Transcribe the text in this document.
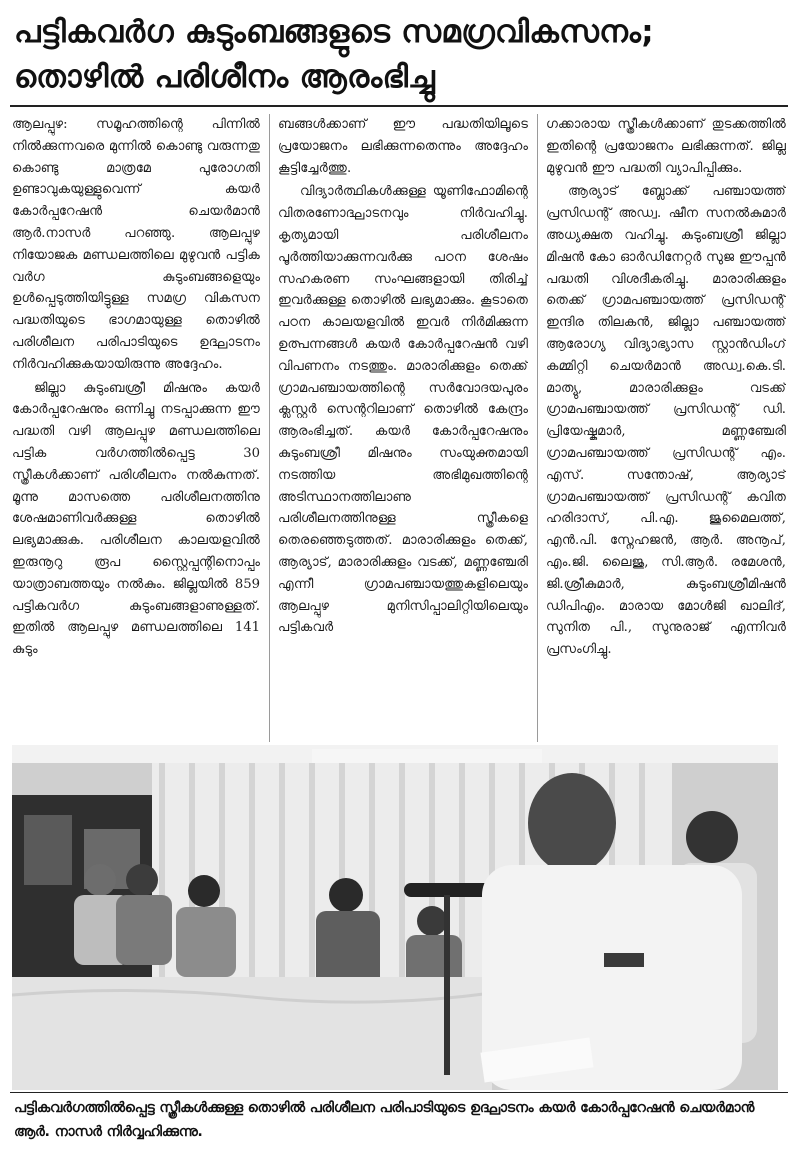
പട്ടികവർഗ കുടുംബങ്ങളുടെ സമഗ്രവികസനം;
തൊഴിൽ പരിശീനം ആരംഭിച്ചു

ആലപ്പുഴ: സമൂഹത്തിന്റെ പിന്നിൽ നിൽക്കുന്നവരെ മുന്നിൽ കൊണ്ടു വരുന്നതു കൊണ്ടു മാത്രമേ പുരോഗതി ഉണ്ടാവുകയുള്ളുവെന്ന് കയർ കോർപ്പറേഷൻ ചെയർമാൻ ആർ.നാസർ പറഞ്ഞു. ആലപ്പുഴ നിയോജക മണ്ഡലത്തിലെ മുഴുവൻ പട്ടിക വർഗ കുടുംബങ്ങളെയും ഉൾപ്പെടുത്തിയിട്ടുള്ള സമഗ്ര വികസന പദ്ധതിയുടെ ഭാഗമായുള്ള തൊഴിൽ പരിശീലന പരിപാടിയുടെ ഉദ്ഘാടനം നിർവഹിക്കുകയായിരുന്നു അദ്ദേഹം.

ജില്ലാ കുടുംബശ്രീ മിഷനും കയർ കോർപ്പറേഷനും ഒന്നിച്ചു നടപ്പാക്കുന്ന ഈ പദ്ധതി വഴി ആലപ്പുഴ മണ്ഡലത്തിലെ പട്ടിക വർഗത്തിൽപ്പെട്ട 30 സ്ത്രീകൾക്കാണ് പരിശീലനം നൽകുന്നത്. മൂന്നു മാസത്തെ പരിശീലനത്തിനു ശേഷമാണിവർക്കുള്ള തൊഴിൽ ലഭ്യമാക്കുക. പരിശീലന കാലയളവിൽ ഇരുനൂറു രൂപ സ്റ്റൈപ്പന്റിനൊപ്പം യാത്രാബത്തയും നൽകും. ജില്ലയിൽ 859 പട്ടികവർഗ കുടുംബങ്ങളാണുള്ളത്. ഇതിൽ ആലപ്പുഴ മണ്ഡലത്തിലെ 141 കുടും

ബങ്ങൾക്കാണ് ഈ പദ്ധതിയിലൂടെ പ്രയോജനം ലഭിക്കുന്നതെന്നും അദ്ദേഹം കൂട്ടിച്ചേർത്തു.

വിദ്യാർത്ഥികൾക്കുള്ള യൂണിഫോമിന്റെ വിതരണോദ്ഘാടനവും നിർവഹിച്ചു. കൃത്യമായി പരിശീലനം പൂർത്തിയാക്കുന്നവർക്കു പഠന ശേഷം സഹകരണ സംഘങ്ങളായി തിരിച്ച് ഇവർക്കുള്ള തൊഴിൽ ലഭ്യമാക്കും. കൂടാതെ പഠന കാലയളവിൽ ഇവർ നിർമിക്കുന്ന ഉത്പന്നങ്ങൾ കയർ കോർപ്പറേഷൻ വഴി വിപണനം നടത്തും. മാരാരിക്കുളം തെക്ക് ഗ്രാമപഞ്ചായത്തിന്റെ സർവോദയപുരം ക്ലസ്റ്റർ സെന്ററിലാണ് തൊഴിൽ കേന്ദ്രം ആരംഭിച്ചത്. കയർ കോർപ്പറേഷനും കുടുംബശ്രീ മിഷനും സംയുക്തമായി നടത്തിയ അഭിമുഖത്തിന്റെ അടിസ്ഥാനത്തിലാണു പരിശീലനത്തിനുള്ള സ്ത്രീകളെ തെരഞ്ഞെടുത്തത്. മാരാരിക്കുളം തെക്ക്, ആര്യാട്, മാരാരിക്കുളം വടക്ക്, മണ്ണഞ്ചേരി എന്നീ ഗ്രാമപഞ്ചായത്തുകളിലെയും ആലപ്പുഴ മുനിസിപ്പാലിറ്റിയിലെയും പട്ടികവർ

ഗക്കാരായ സ്ത്രീകൾക്കാണ് തുടക്കത്തിൽ ഇതിന്റെ പ്രയോജനം ലഭിക്കുന്നത്. ജില്ല മുഴുവൻ ഈ പദ്ധതി വ്യാപിപ്പിക്കും.

ആര്യാട് ബ്ലോക്ക് പഞ്ചായത്ത് പ്രസിഡന്റ് അഡ്വ. ഷീന സനൽകുമാർ അധ്യക്ഷത വഹിച്ചു. കുടുംബശ്രീ ജില്ലാ മിഷൻ കോ ഓർഡിനേറ്റർ സുജ ഈപ്പൻ പദ്ധതി വിശദീകരിച്ചു. മാരാരിക്കുളം തെക്ക് ഗ്രാമപഞ്ചായത്ത് പ്രസിഡന്റ് ഇന്ദിര തിലകൻ, ജില്ലാ പഞ്ചായത്ത് ആരോഗ്യ വിദ്യാഭ്യാസ സ്റ്റാൻഡിംഗ് കമ്മിറ്റി ചെയർമാൻ അഡ്വ.കെ.ടി. മാത്യു, മാരാരിക്കുളം വടക്ക് ഗ്രാമപഞ്ചായത്ത് പ്രസിഡന്റ് ഡി. പ്രിയേഷ്കുമാർ, മണ്ണഞ്ചേരി ഗ്രാമപഞ്ചായത്ത് പ്രസിഡന്റ് എം. എസ്. സന്തോഷ്, ആര്യാട് ഗ്രാമപഞ്ചായത്ത് പ്രസിഡന്റ് കവിത ഹരിദാസ്, പി.എ. ജുമൈലത്ത്, എൻ.പി. സ്നേഹജൻ, ആർ. അനൂപ്, എം.ജി. ലൈജു, സി.ആർ. രമേശൻ, ജി.ശ്രീകുമാർ, കുടുംബശ്രീമിഷൻ ഡിപിഎം. മാരായ മോൾജി ഖാലിദ്, സുനിത പി., സുനുരാജ് എന്നിവർ പ്രസംഗിച്ചു.

പട്ടികവർഗത്തിൽപ്പെട്ട സ്ത്രീകൾക്കുള്ള തൊഴിൽ പരിശീലന പരിപാടിയുടെ ഉദ്ഘാടനം കയർ കോർപ്പറേഷൻ ചെയർമാൻ ആർ. നാസർ നിർവ്വഹിക്കുന്നു.
